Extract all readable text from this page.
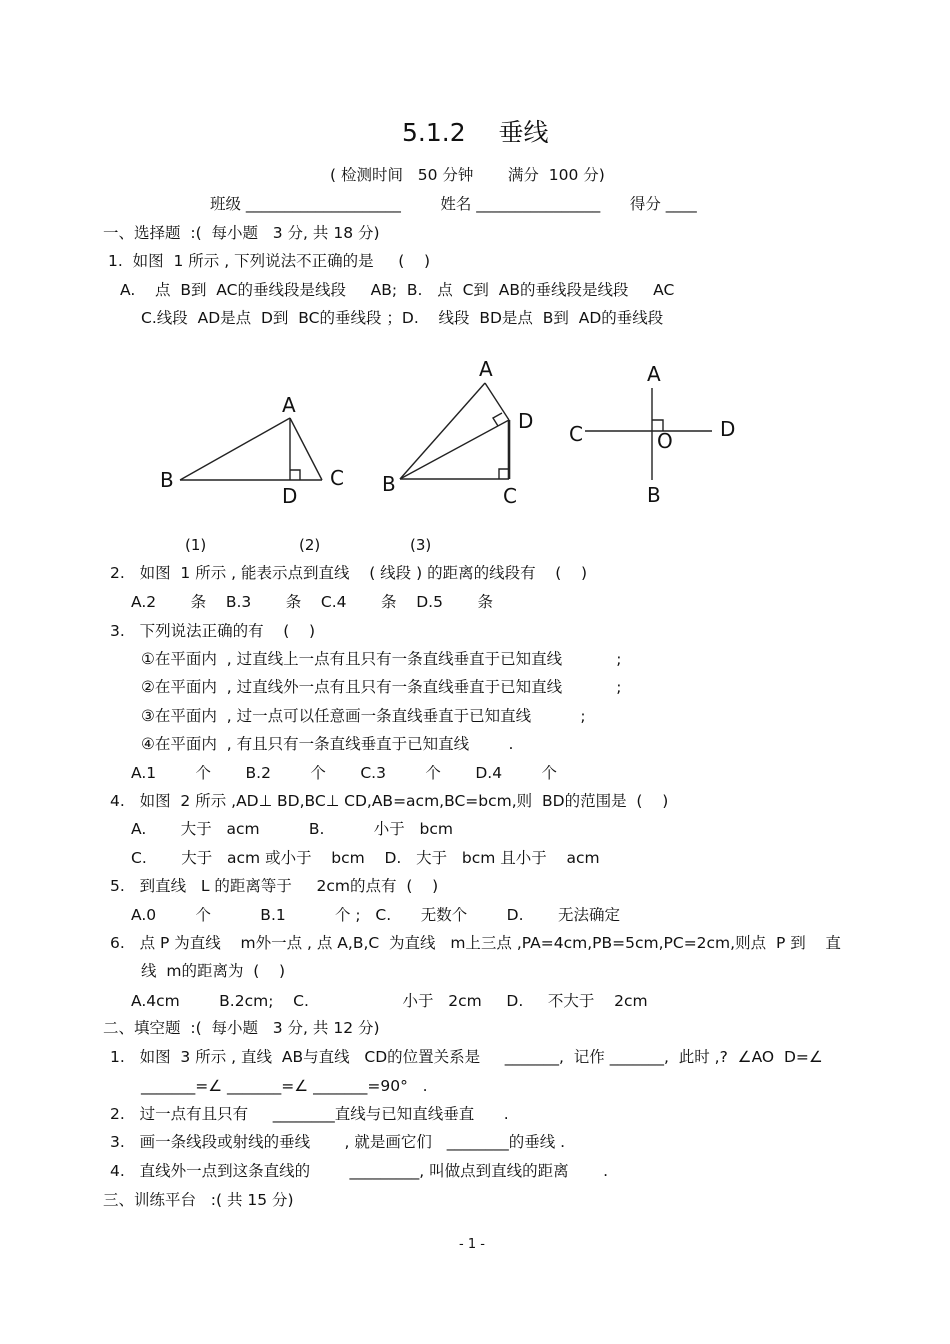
5.1.2　 垂线
( 检测时间   50 分钟       满分  100 分)
班级 ____________________        姓名 ________________      得分 ____
一、选择题  :(  每小题   3 分, 共 18 分)
1.  如图  1 所示 , 下列说法不正确的是     (    )
A.    点  B到  AC的垂线段是线段     AB;  B.   点  C到  AB的垂线段是线段     AC
C.线段  AD是点  D到  BC的垂线段 ；D.    线段  BD是点  B到  AD的垂线段
A
B	C
D
A
B	C
D
A
B
C	D
O
(1)	(2)	(3)
2.   如图  1 所示 , 能表示点到直线    ( 线段 ) 的距离的线段有    (    )
A.2       条    B.3       条    C.4       条    D.5       条
3.   下列说法正确的有    (    )
①在平面内  , 过直线上一点有且只有一条直线垂直于已知直线           ;
②在平面内  , 过直线外一点有且只有一条直线垂直于已知直线           ;
③在平面内  , 过一点可以任意画一条直线垂直于已知直线          ;
④在平面内  , 有且只有一条直线垂直于已知直线        .
A.1        个       B.2        个       C.3        个       D.4        个
4.   如图  2 所示 ,AD⊥ BD,BC⊥ CD,AB=acm,BC=bcm,则  BD的范围是  (    )
A.       大于   acm          B.          小于   bcm
C.       大于   acm 或小于    bcm    D.   大于   bcm 且小于    acm
5.   到直线   L 的距离等于     2cm的点有  (    )
A.0        个          B.1          个 ;   C.      无数个        D.       无法确定
6.   点 P 为直线    m外一点 , 点 A,B,C  为直线   m上三点 ,PA=4cm,PB=5cm,PC=2cm,则点  P 到    直
线  m的距离为  (    )
A.4cm        B.2cm;    C.                   小于   2cm     D.     不大于    2cm
二、填空题  :(  每小题   3 分, 共 12 分)
1.   如图  3 所示 , 直线  AB与直线   CD的位置关系是     _______,  记作 _______,  此时 ,?  ∠AO  D=∠
_______=∠ _______=∠ _______=90°   .
2.   过一点有且只有     ________直线与已知直线垂直      .
3.   画一条线段或射线的垂线       , 就是画它们   ________的垂线 .
4.   直线外一点到这条直线的        _________, 叫做点到直线的距离       .
三、训练平台   :( 共 15 分)
- 1 -
